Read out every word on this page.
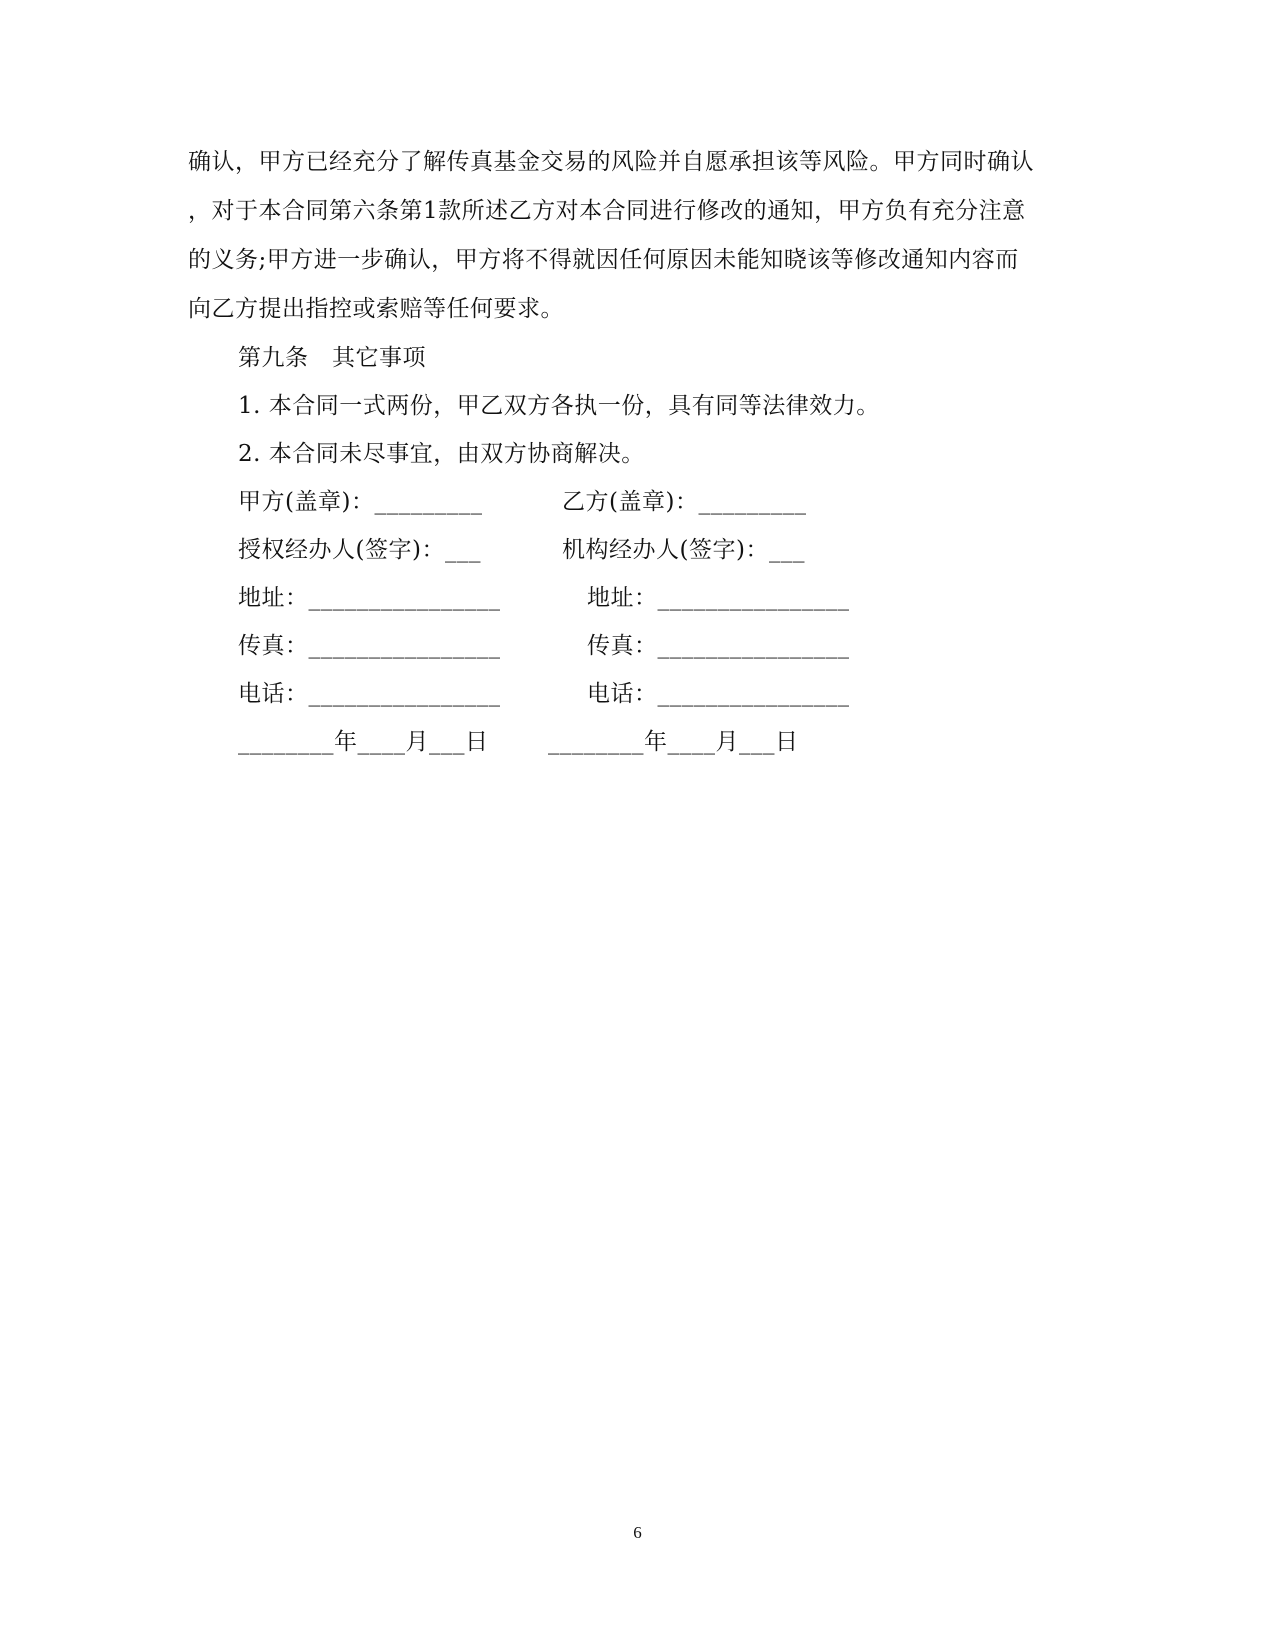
确认，甲方已经充分了解传真基金交易的风险并自愿承担该等风险。甲方同时确认
，对于本合同第六条第1款所述乙方对本合同进行修改的通知，甲方负有充分注意
的义务;甲方进一步确认，甲方将不得就因任何原因未能知晓该等修改通知内容而
向乙方提出指控或索赔等任何要求。
第九条　其它事项
1. 本合同一式两份，甲乙双方各执一份，具有同等法律效力。
2. 本合同未尽事宜，由双方协商解决。
甲方(盖章)：_________	乙方(盖章)：_________
授权经办人(签字)：___	机构经办人(签字)：___
地址：________________	地址：________________
传真：________________	传真：________________
电话：________________	电话：________________
________年____月___日	________年____月___日
6
